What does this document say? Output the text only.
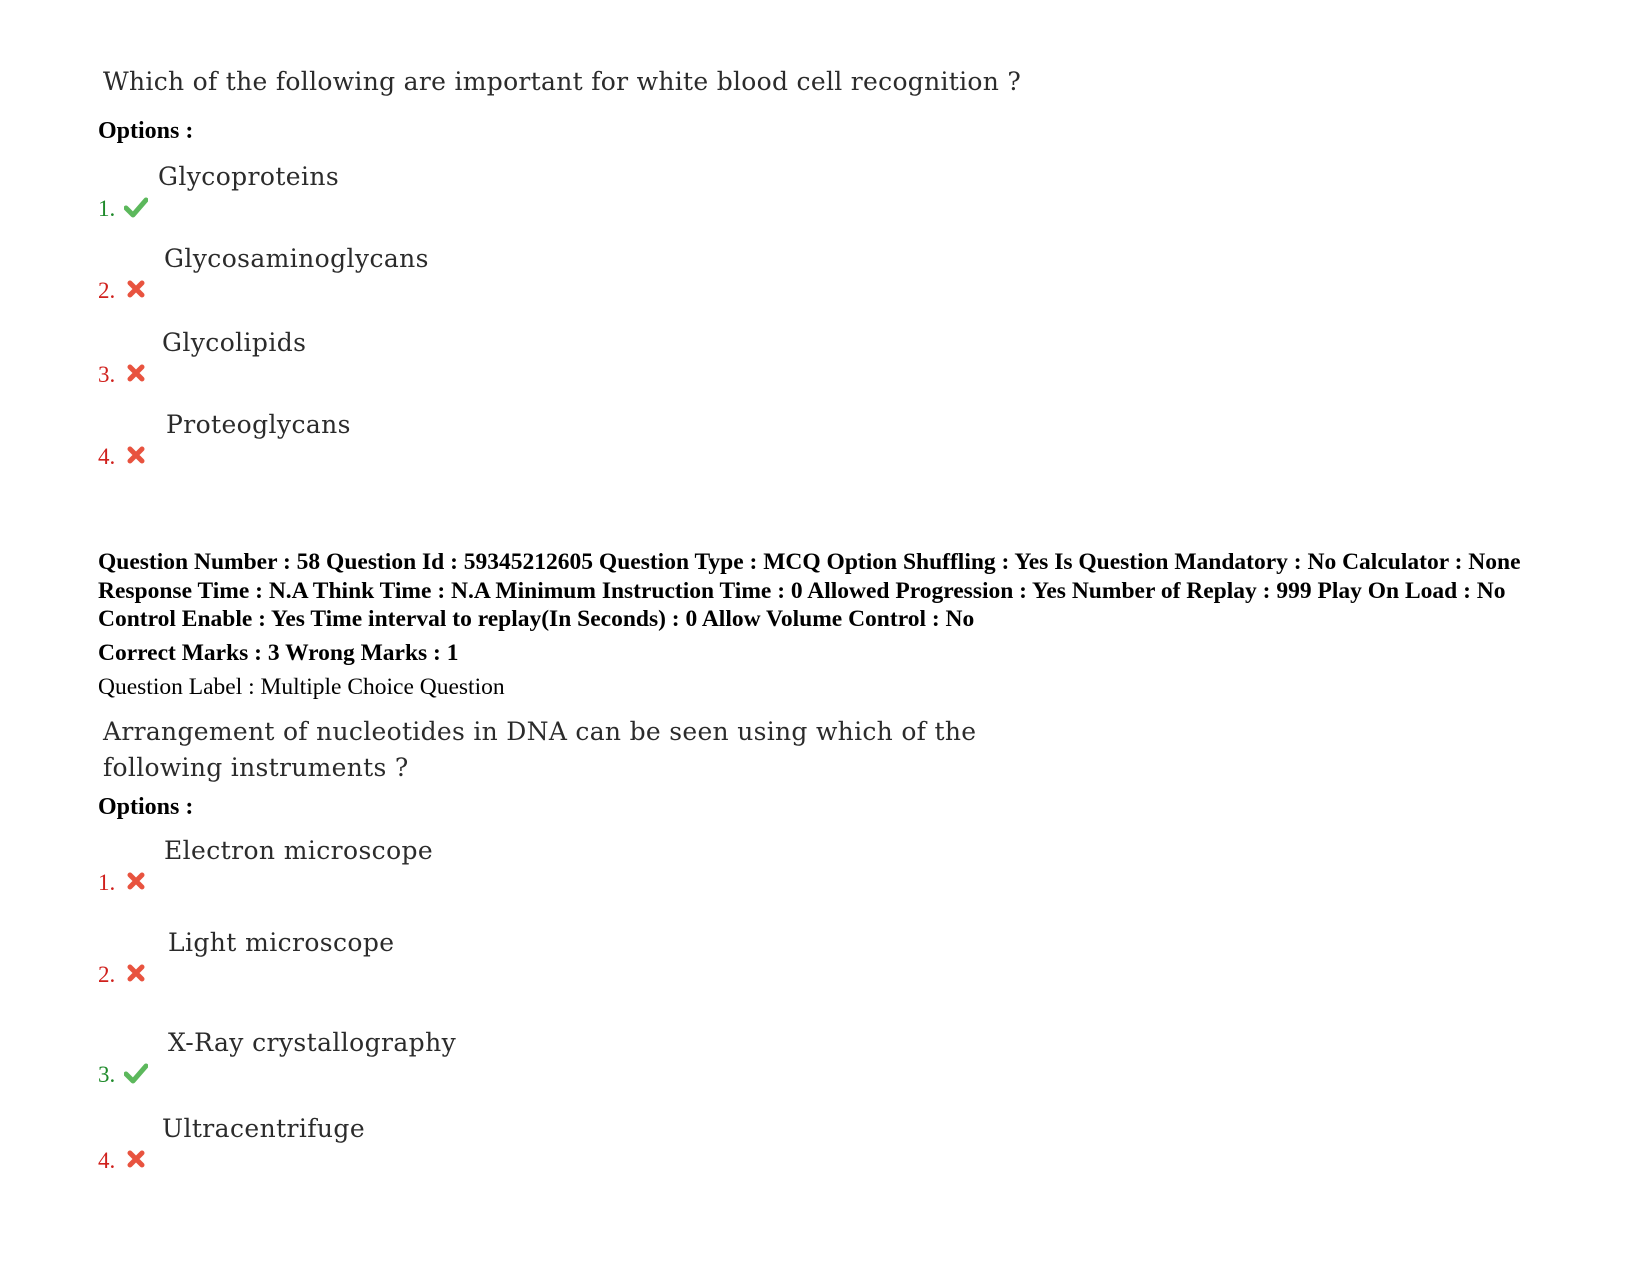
Which of the following are important for white blood cell recognition ?
Options :
1.
Glycoproteins
2.
Glycosaminoglycans
3.
Glycolipids
4.
Proteoglycans

Question Number : 58 Question Id : 59345212605 Question Type : MCQ Option Shuffling : Yes Is Question Mandatory : No Calculator : None Response Time : N.A Think Time : N.A Minimum Instruction Time : 0 Allowed Progression : Yes Number of Replay : 999 Play On Load : No Control Enable : Yes Time interval to replay(In Seconds) : 0 Allow Volume Control : No

Correct Marks : 3 Wrong Marks : 1
Question Label : Multiple Choice Question

Arrangement of nucleotides in DNA can be seen using which of the
following instruments ?

Options :
1.
Electron microscope
2.
Light microscope
3.
X-Ray crystallography
4.
Ultracentrifuge
